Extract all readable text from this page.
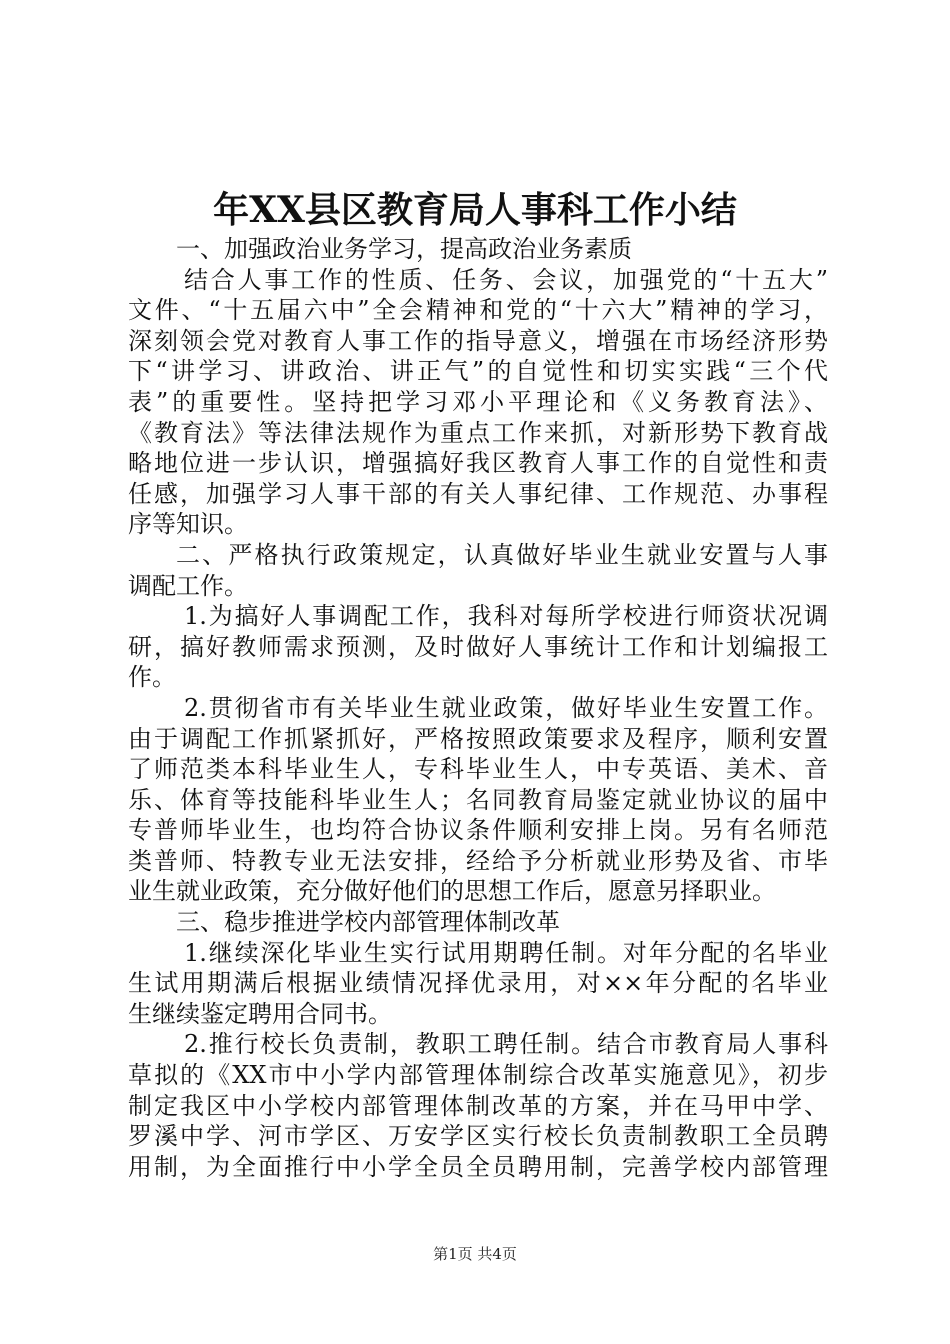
年XX县区教育局人事科工作小结
一、加强政治业务学习，提高政治业务素质
结合人事工作的性质、任务、会议，加强党的“十五大”
文件、“十五届六中”全会精神和党的“十六大”精神的学习，
深刻领会党对教育人事工作的指导意义，增强在市场经济形势
下“讲学习、讲政治、讲正气”的自觉性和切实实践“三个代
表”的重要性。坚持把学习邓小平理论和《义务教育法》、
《教育法》等法律法规作为重点工作来抓，对新形势下教育战
略地位进一步认识，增强搞好我区教育人事工作的自觉性和责
任感，加强学习人事干部的有关人事纪律、工作规范、办事程
序等知识。
二、严格执行政策规定，认真做好毕业生就业安置与人事
调配工作。
1.为搞好人事调配工作，我科对每所学校进行师资状况调
研，搞好教师需求预测，及时做好人事统计工作和计划编报工
作。
2.贯彻省市有关毕业生就业政策，做好毕业生安置工作。
由于调配工作抓紧抓好，严格按照政策要求及程序，顺利安置
了师范类本科毕业生人，专科毕业生人，中专英语、美术、音
乐、体育等技能科毕业生人；名同教育局鉴定就业协议的届中
专普师毕业生，也均符合协议条件顺利安排上岗。另有名师范
类普师、特教专业无法安排，经给予分析就业形势及省、市毕
业生就业政策，充分做好他们的思想工作后，愿意另择职业。
三、稳步推进学校内部管理体制改革
1.继续深化毕业生实行试用期聘任制。对年分配的名毕业
生试用期满后根据业绩情况择优录用，对××年分配的名毕业
生继续鉴定聘用合同书。
2.推行校长负责制，教职工聘任制。结合市教育局人事科
草拟的《XX市中小学内部管理体制综合改革实施意见》，初步
制定我区中小学校内部管理体制改革的方案，并在马甲中学、
罗溪中学、河市学区、万安学区实行校长负责制教职工全员聘
用制，为全面推行中小学全员全员聘用制，完善学校内部管理
第1页 共4页
